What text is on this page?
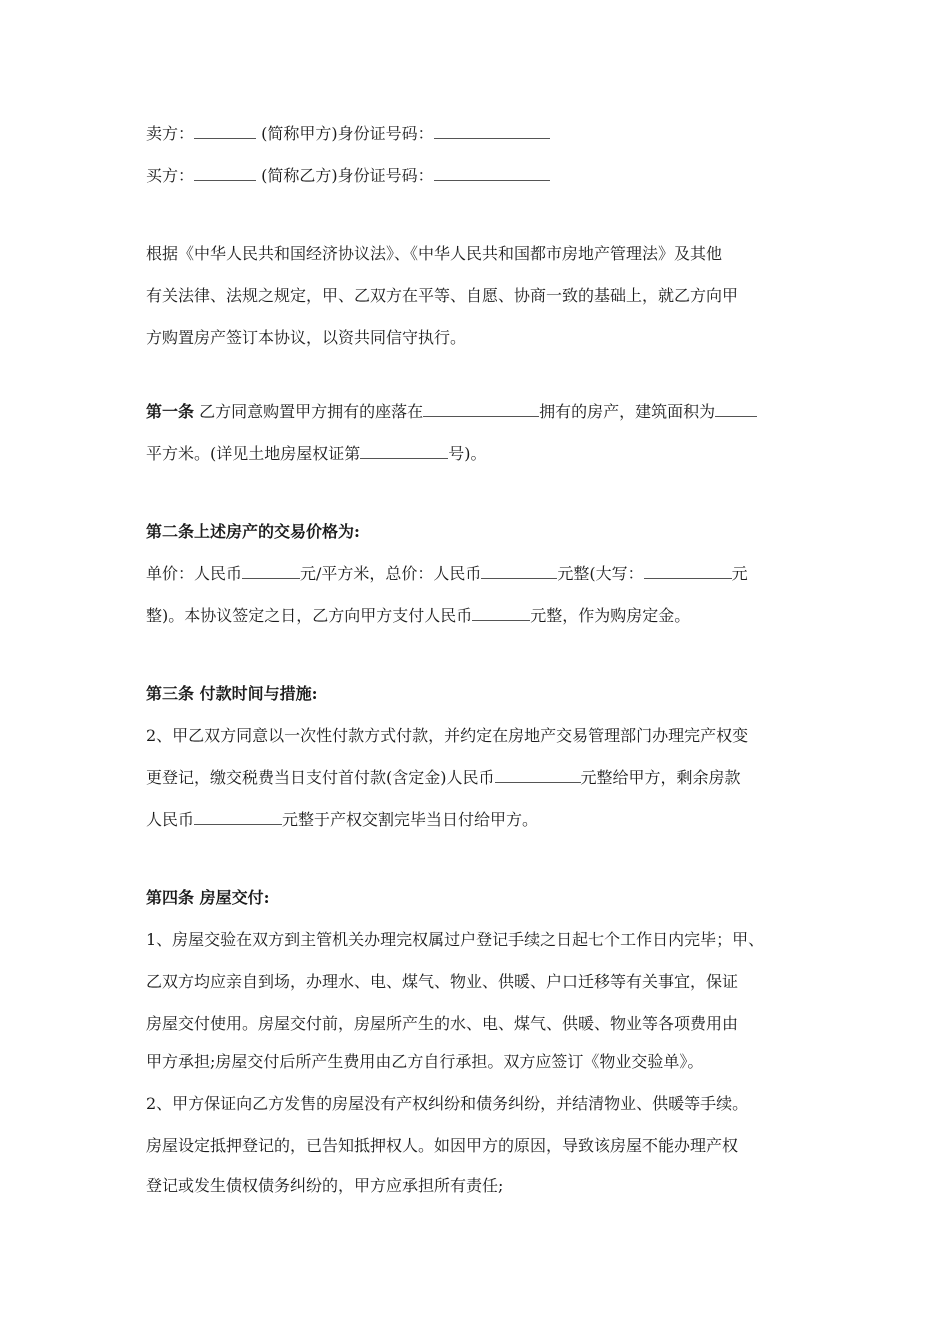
卖方：	(简称甲方)身份证号码：
买方：	(简称乙方)身份证号码：
根据《中华人民共和国经济协议法》、《中华人民共和国都市房地产管理法》及其他
有关法律、法规之规定，甲、乙双方在平等、自愿、协商一致的基础上，就乙方向甲
方购置房产签订本协议，以资共同信守执行。
第一条 乙方同意购置甲方拥有的座落在	拥有的房产，建筑面积为
平方米。(详见土地房屋权证第	号)。
第二条上述房产的交易价格为:
单价：人民币	元/平方米，总价：人民币	元整(大写：	元
整)。本协议签定之日，乙方向甲方支付人民币	元整，作为购房定金。
第三条 付款时间与措施:
2、甲乙双方同意以一次性付款方式付款，并约定在房地产交易管理部门办理完产权变
更登记，缴交税费当日支付首付款(含定金)人民币	元整给甲方，剩余房款
人民币	元整于产权交割完毕当日付给甲方。
第四条 房屋交付:
1、房屋交验在双方到主管机关办理完权属过户登记手续之日起七个工作日内完毕；甲、
乙双方均应亲自到场，办理水、电、煤气、物业、供暖、户口迁移等有关事宜，保证
房屋交付使用。房屋交付前，房屋所产生的水、电、煤气、供暖、物业等各项费用由
甲方承担;房屋交付后所产生费用由乙方自行承担。双方应签订《物业交验单》。
2、甲方保证向乙方发售的房屋没有产权纠纷和债务纠纷，并结清物业、供暖等手续。
房屋设定抵押登记的，已告知抵押权人。如因甲方的原因，导致该房屋不能办理产权
登记或发生债权债务纠纷的，甲方应承担所有责任;
